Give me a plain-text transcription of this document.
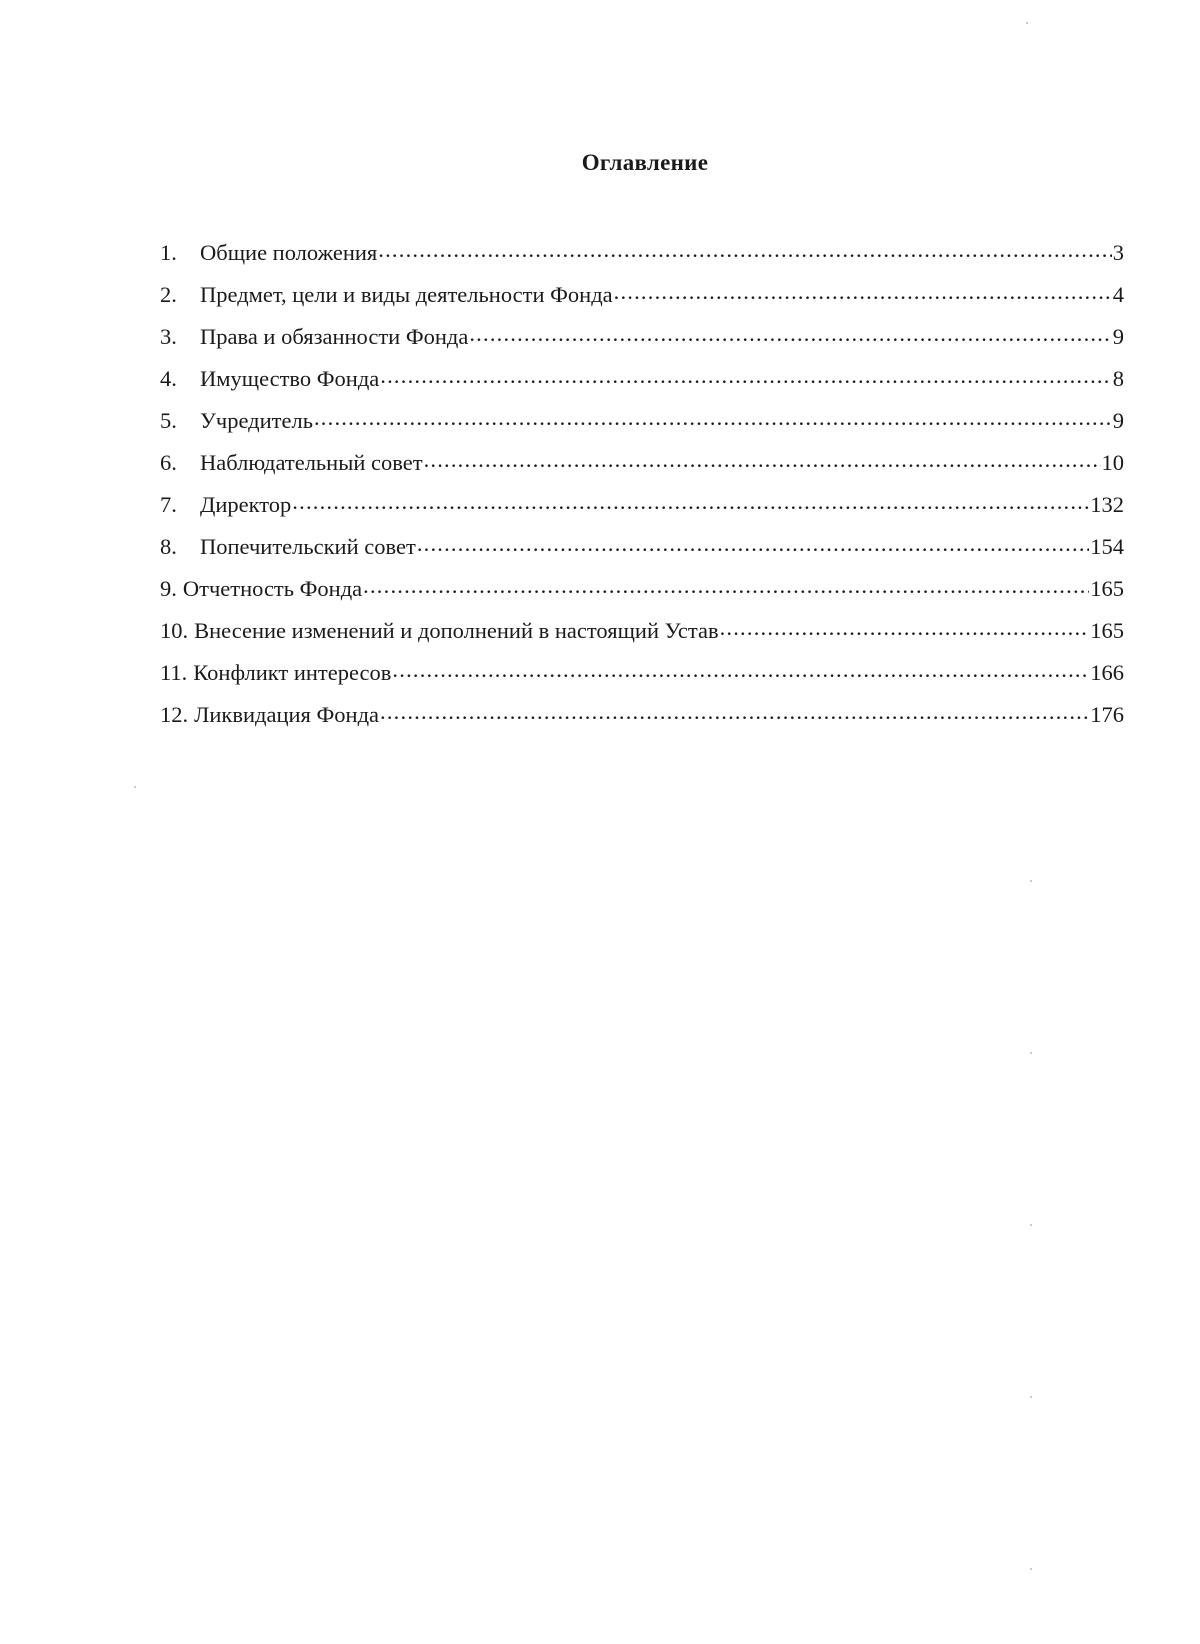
Оглавление
1.	Общие положения .....	3
2.	Предмет, цели и виды деятельности Фонда .....	4
3.	Права и обязанности Фонда .....	9
4.	Имущество Фонда .....	8
5.	Учредитель .....	9
6.	Наблюдательный совет .....	10
7.	Директор .....	132
8.	Попечительский совет .....	154
9. Отчетность Фонда .....	165
10. Внесение изменений и дополнений в настоящий Устав .....	165
11. Конфликт интересов .....	166
12. Ликвидация Фонда .....	176
